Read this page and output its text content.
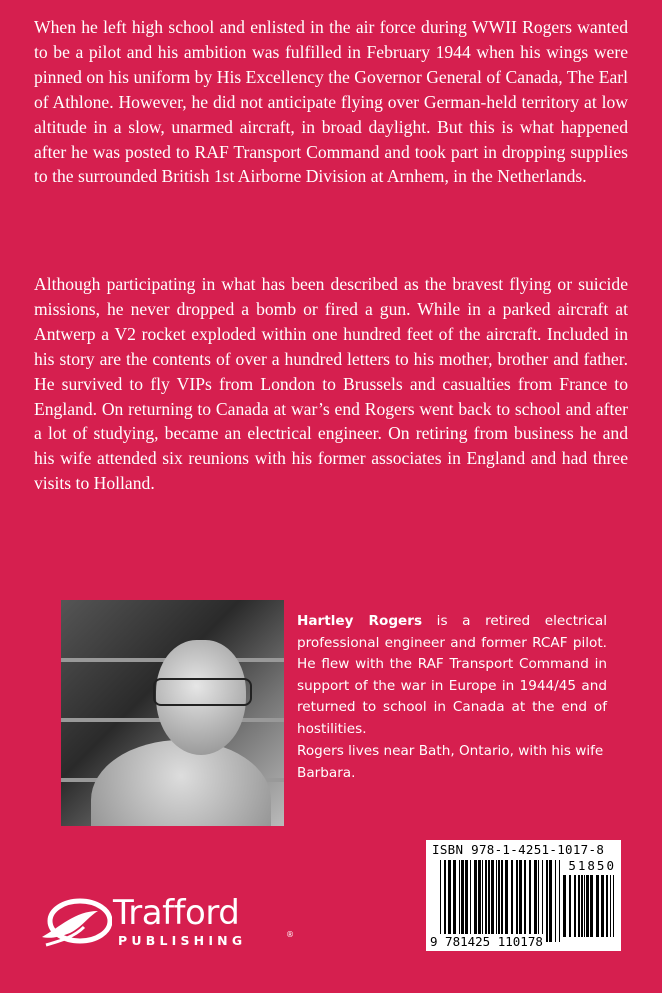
When he left high school and enlisted in the air force during WWII Rogers wanted to be a pilot and his ambition was fulfilled in February 1944 when his wings were pinned on his uniform by His Excellency the Governor General of Canada, The Earl of Athlone. However, he did not anticipate flying over German-held territory at low altitude in a slow, unarmed aircraft, in broad daylight. But this is what happened after he was posted to RAF Transport Command and took part in dropping supplies to the surrounded British 1st Airborne Division at Arnhem, in the Netherlands.

Although participating in what has been described as the bravest flying or suicide missions, he never dropped a bomb or fired a gun. While in a parked aircraft at Antwerp a V2 rocket exploded within one hundred feet of the aircraft. Included in his story are the contents of over a hundred letters to his mother, brother and father. He survived to fly VIPs from London to Brussels and casualties from France to England. On returning to Canada at war’s end Rogers went back to school and after a lot of studying, became an electrical engineer. On retiring from business he and his wife attended six reunions with his former associates in England and had three visits to Holland.

Hartley Rogers is a retired electrical professional engineer and former RCAF pilot. He flew with the RAF Transport Command in support of the war in Europe in 1944/45 and returned to school in Canada at the end of hostilities.

Rogers lives near Bath, Ontario, with his wife Barbara.

ISBN 978-1-4251-1017-8
51850
9 781425 110178
Trafford
PUBLISHING	®
